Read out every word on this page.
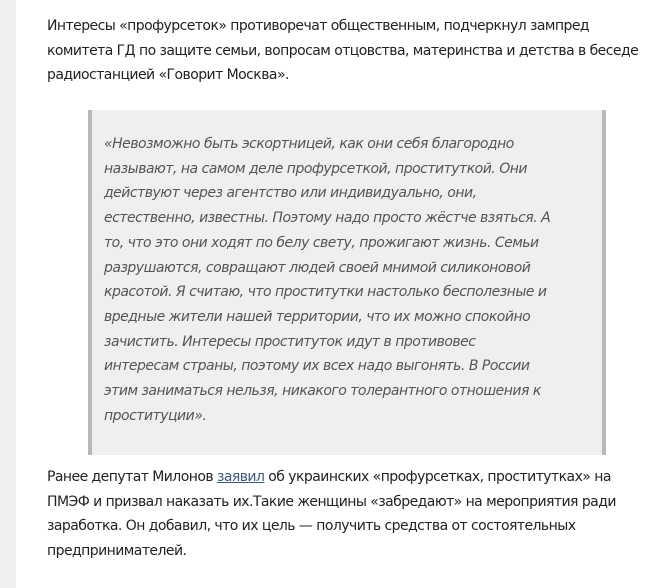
Интересы «профурсеток» противоречат общественным, подчеркнул зампред
комитета ГД по защите семьи, вопросам отцовства, материнства и детства в беседе
радиостанцией «Говорит Москва».
«Невозможно быть эскортницей, как они себя благородно
называют, на самом деле профурсеткой, проституткой. Они
действуют через агентство или индивидуально, они,
естественно, известны. Поэтому надо просто жёстче взяться. А
то, что это они ходят по белу свету, прожигают жизнь. Семьи
разрушаются, совращают людей своей мнимой силиконовой
красотой. Я считаю, что проститутки настолько бесполезные и
вредные жители нашей территории, что их можно спокойно
зачистить. Интересы проституток идут в противовес
интересам страны, поэтому их всех надо выгонять. В России
этим заниматься нельзя, никакого толерантного отношения к
проституции».
Ранее депутат Милонов заявил об украинских «профурсетках, проститутках» на
ПМЭФ и призвал наказать их.Такие женщины «забредают» на мероприятия ради
заработка. Он добавил, что их цель — получить средства от состоятельных
предпринимателей.
